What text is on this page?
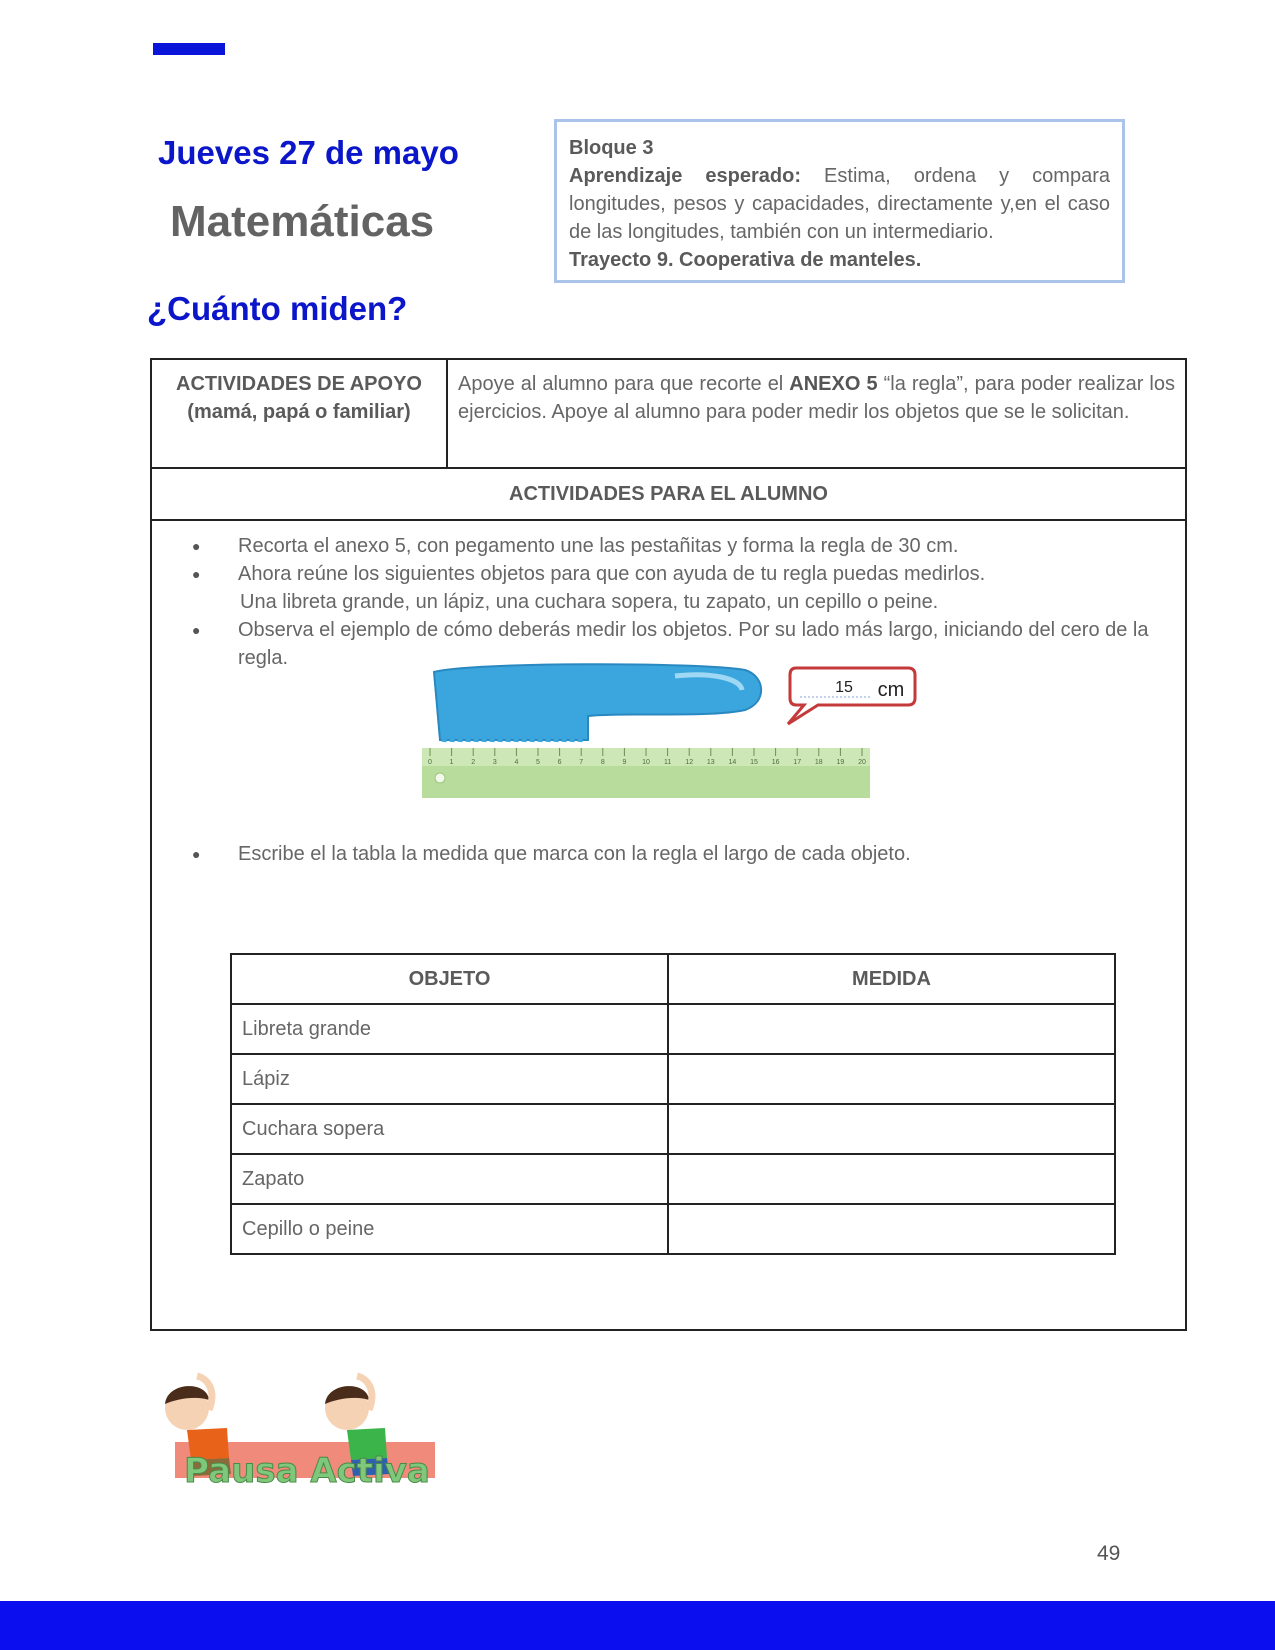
Jueves 27 de mayo
Matemáticas
¿Cuánto miden?
Bloque 3
Aprendizaje esperado: Estima, ordena y compara longitudes, pesos y capacidades, directamente y,en el caso de las longitudes, también con un intermediario.
Trayecto 9. Cooperativa de manteles.
ACTIVIDADES DE APOYO
(mamá, papá o familiar)
Apoye al alumno para que recorte el ANEXO 5 “la regla”, para poder realizar los ejercicios. Apoye al alumno para poder medir los objetos que se le solicitan.
ACTIVIDADES PARA EL ALUMNO
● Recorta el anexo 5, con pegamento une las pestañitas y forma la regla de 30 cm.
● Ahora reúne los siguientes objetos para que con ayuda de tu regla puedas medirlos.
Una libreta grande, un lápiz, una cuchara sopera, tu zapato, un cepillo o peine.
● Observa el ejemplo de cómo deberás medir los objetos. Por su lado más largo, iniciando del cero de la regla.
15 cm
0	1	2	3	4	5	6	7	8	9 10 11 12 13 14 15 16 17 18 19 20
● Escribe el la tabla la medida que marca con la regla el largo de cada objeto.
OBJETO	MEDIDA
Libreta grande	
Lápiz	
Cuchara sopera	
Zapato	
Cepillo o peine	
Pausa Activa
49
